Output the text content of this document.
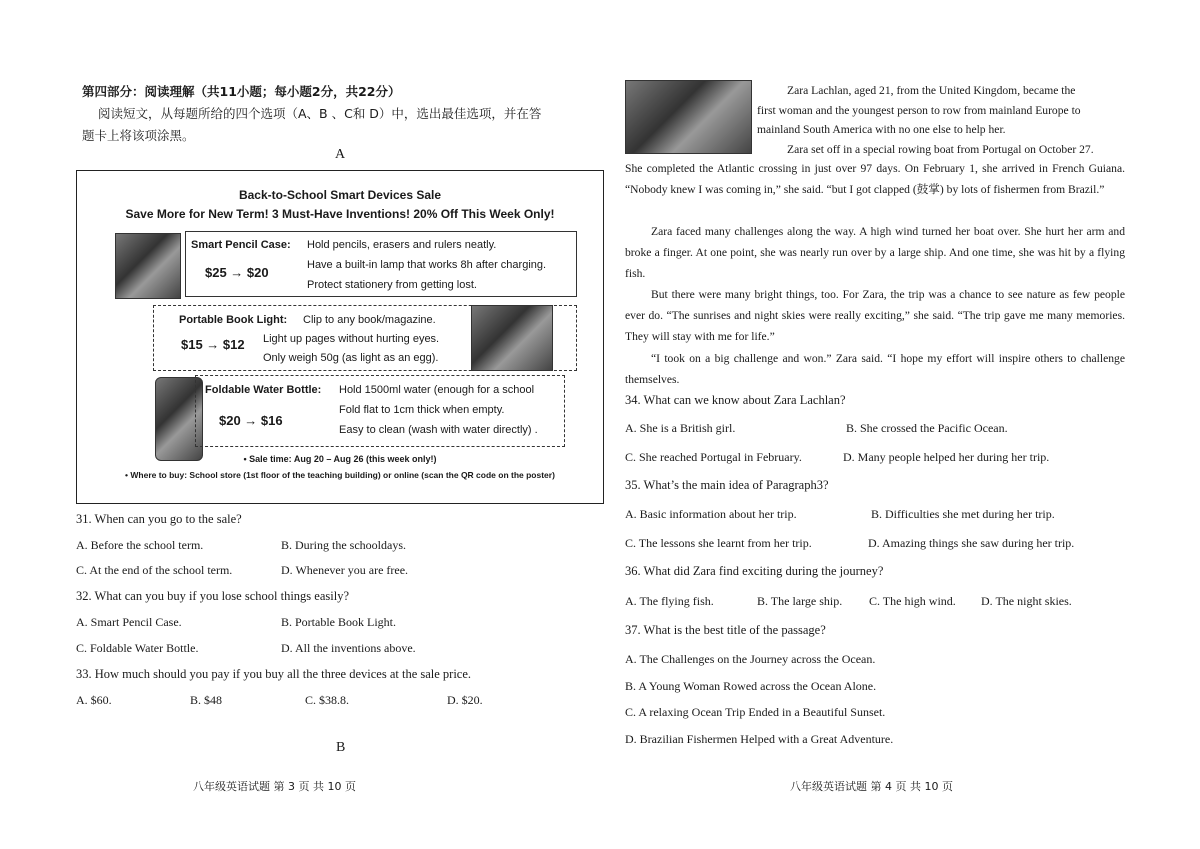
第四部分：阅读理解（共11小题；每小题2分，共22分）
阅读短文，从每题所给的四个选项（A、B 、C和 D）中，选出最佳选项，并在答
题卡上将该项涂黑。
A
Back-to-School Smart Devices Sale
Save More for New Term! 3 Must-Have Inventions! 20% Off This Week Only!
Smart Pencil Case: Hold pencils, erasers and rulers neatly.
Have a built-in lamp that works 8h after charging.
Protect stationery from getting lost.
$25 → $20
Portable Book Light: Clip to any book/magazine.
Light up pages without hurting eyes.
Only weigh 50g (as light as an egg).
$15 → $12
Foldable Water Bottle: Hold 1500ml water (enough for a school
Fold flat to 1cm thick when empty.
Easy to clean (wash with water directly) .
$20 → $16
• Sale time: Aug 20 – Aug 26 (this week only!)
• Where to buy: School store (1st floor of the teaching building) or online (scan the QR code on the poster)
31. When can you go to the sale?
A. Before the school term.	B. During the schooldays.
C. At the end of the school term.	D. Whenever you are free.
32. What can you buy if you lose school things easily?
A. Smart Pencil Case.	B. Portable Book Light.
C. Foldable Water Bottle.	D. All the inventions above.
33. How much should you pay if you buy all the three devices at the sale price.
A. $60.	B. $48	C. $38.8.	D. $20.
B
八年级英语试题 第 3 页 共 10 页
Zara Lachlan, aged 21, from the United Kingdom, became the
first woman and the youngest person to row from mainland Europe to
mainland South America with no one else to help her.
Zara set off in a special rowing boat from Portugal on October 27.
She completed the Atlantic crossing in just over 97 days. On February 1, she arrived in French Guiana. “Nobody knew I was coming in,” she said. “but I got clapped (鼓掌) by lots of fishermen from Brazil.”
Zara faced many challenges along the way. A high wind turned her boat over. She hurt her arm and broke a finger. At one point, she was nearly run over by a large ship. And one time, she was hit by a flying fish.
But there were many bright things, too. For Zara, the trip was a chance to see nature as few people ever do. “The sunrises and night skies were really exciting,” she said. “The trip gave me many memories. They will stay with me for life.”
“I took on a big challenge and won.” Zara said. “I hope my effort will inspire others to challenge themselves.
34. What can we know about Zara Lachlan?
A. She is a British girl.	B. She crossed the Pacific Ocean.
C. She reached Portugal in February.	D. Many people helped her during her trip.
35. What’s the main idea of Paragraph3?
A. Basic information about her trip.	B. Difficulties she met during her trip.
C. The lessons she learnt from her trip.	D. Amazing things she saw during her trip.
36. What did Zara find exciting during the journey?
A. The flying fish.	B. The large ship. C. The high wind. D. The night skies.
37. What is the best title of the passage?
A. The Challenges on the Journey across the Ocean.
B. A Young Woman Rowed across the Ocean Alone.
C. A relaxing Ocean Trip Ended in a Beautiful Sunset.
D. Brazilian Fishermen Helped with a Great Adventure.
八年级英语试题 第 4 页 共 10 页
